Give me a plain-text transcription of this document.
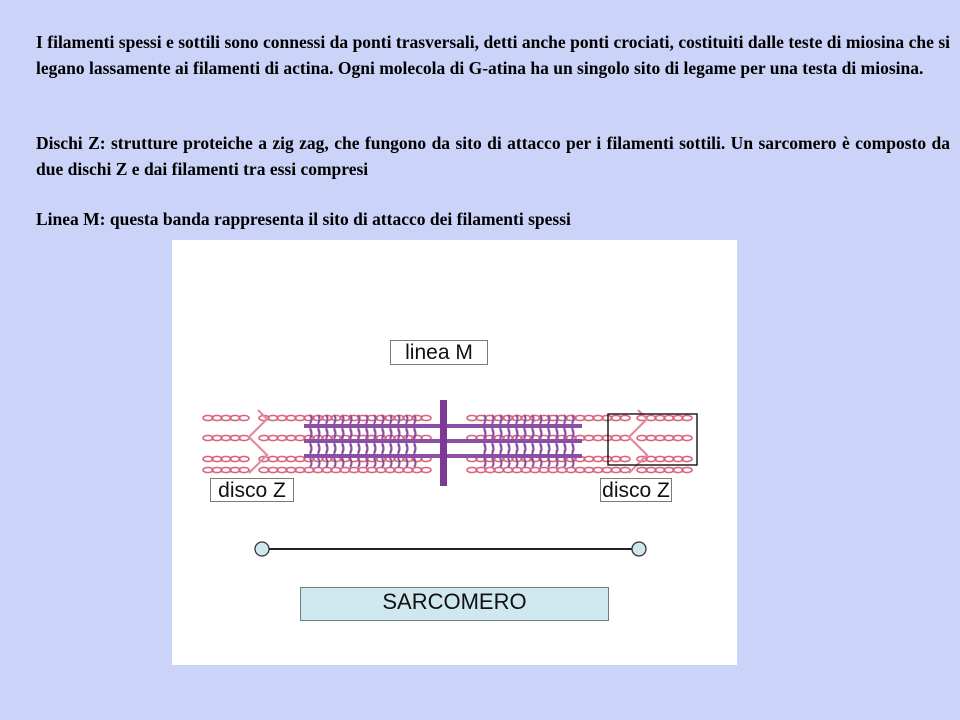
I filamenti spessi e sottili sono connessi da ponti trasversali, detti anche ponti crociati, costituiti dalle teste di miosina che si legano lassamente ai filamenti di actina. Ogni molecola di G-atina ha un singolo sito di legame per una testa di miosina.

Dischi Z: strutture proteiche a zig zag, che fungono da sito di attacco per i filamenti sottili. Un sarcomero è composto da due dischi Z e dai filamenti tra essi compresi

Linea M: questa banda rappresenta il sito di attacco dei filamenti spessi

linea M
disco Z	disco Z
SARCOMERO
